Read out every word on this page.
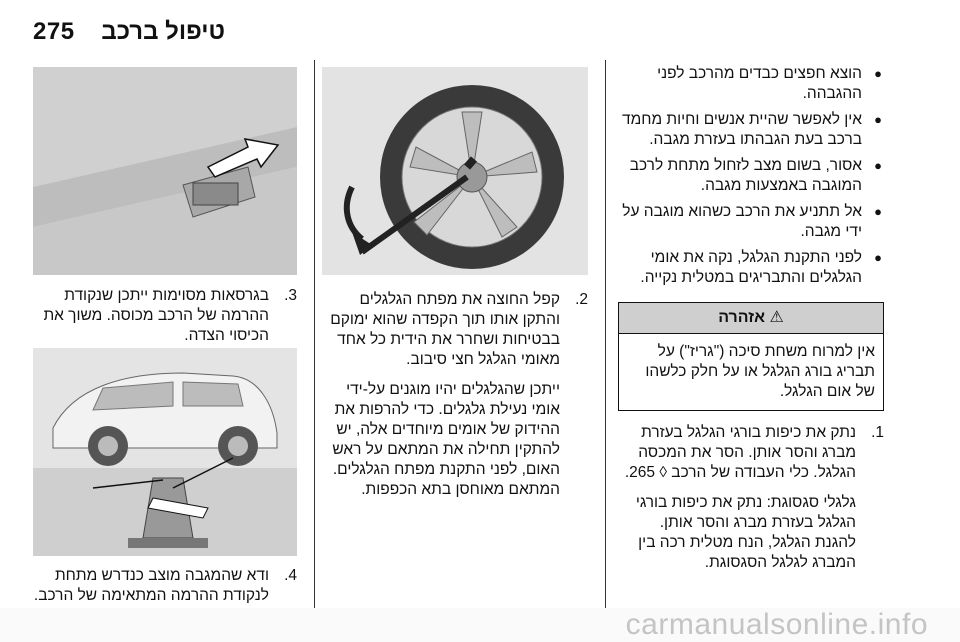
275 טיפול ברכב
3.
בגרסאות מסוימות ייתכן שנקודת ההרמה של הרכב מכוסה. משוך את הכיסוי הצדה.
4.
ודא שהמגבה מוצב כנדרש מתחת לנקודת ההרמה המתאימה של הרכב.
2.
קפל החוצה את מפתח הגלגלים והתקן אותו תוך הקפדה שהוא ימוקם בבטיחות ושחרר את הידית כל אחד מאומי הגלגל חצי סיבוב.
ייתכן שהגלגלים יהיו מוגנים על-ידי אומי נעילת גלגלים. כדי להרפות את ההידוק של אומים מיוחדים אלה, יש להתקין תחילה את המתאם על ראש האום, לפני התקנת מפתח הגלגלים. המתאם מאוחסן בתא הכפפות.
● הוצא חפצים כבדים מהרכב לפני ההגבהה.
● אין לאפשר שהיית אנשים וחיות מחמד ברכב בעת הגבהתו בעזרת מגבה.
● אסור, בשום מצב לזחול מתחת לרכב המוגבה באמצעות מגבה.
● אל תתניע את הרכב כשהוא מוגבה על ידי מגבה.
● לפני התקנת הגלגל, נקה את אומי הגלגלים והתבריגים במטלית נקייה.
⚠ אזהרה
אין למרוח משחת סיכה ("גריז") על תבריג בורג הגלגל או על חלק כלשהו של אום הגלגל.
1.
נתק את כיפות בורגי הגלגל בעזרת מברג והסר אותן. הסר את המכסה הגלגל. כלי העבודה של הרכב ◊ 265.
גלגלי סגסוגת: נתק את כיפות בורגי הגלגל בעזרת מברג והסר אותן. להגנת הגלגל, הנח מטלית רכה בין המברג לגלגל הסגסוגת.
carmanualsonline.info
